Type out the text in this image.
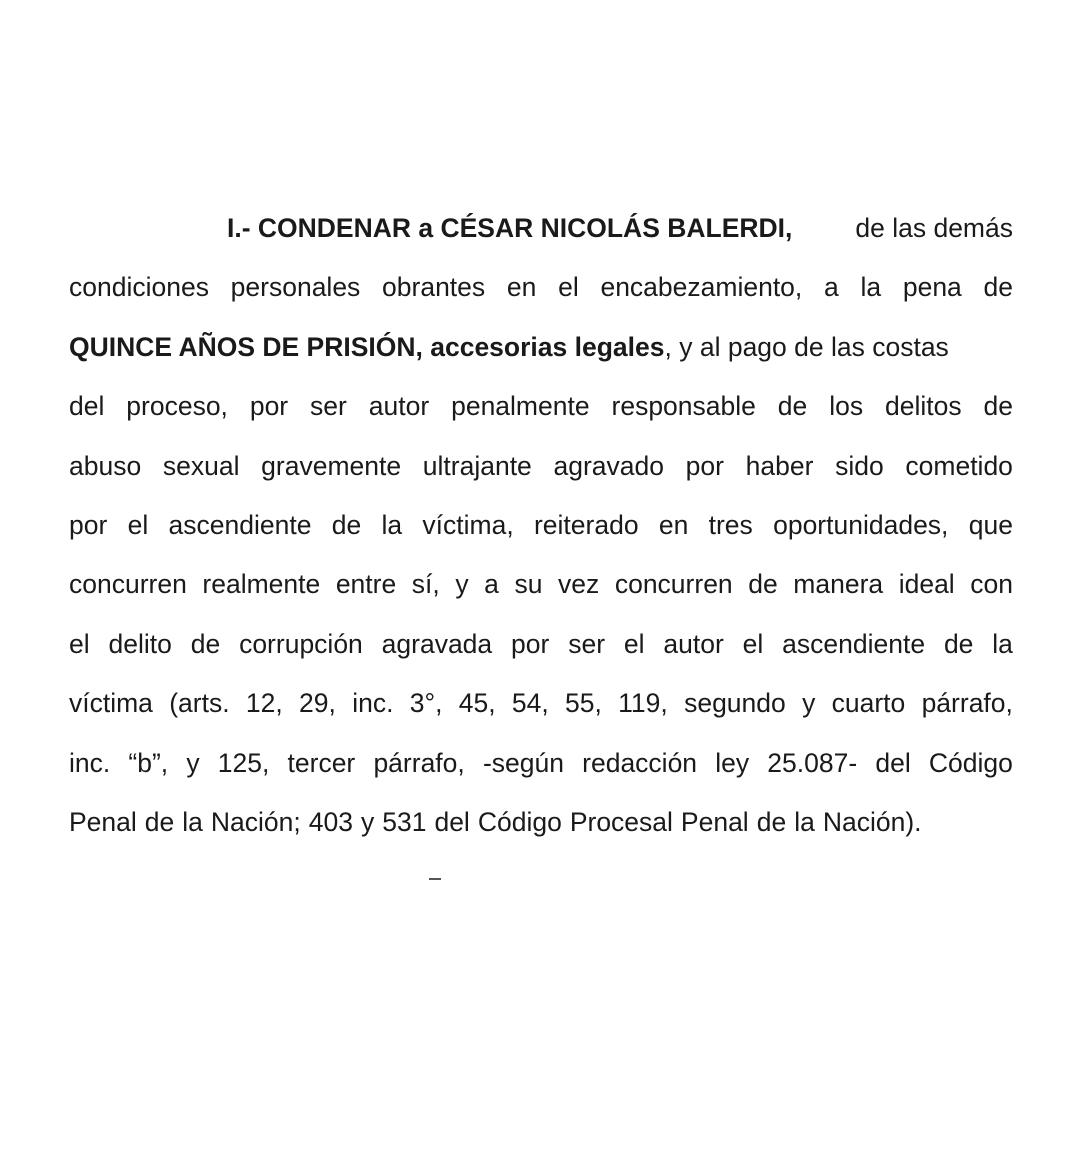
I.- CONDENAR a CÉSAR NICOLÁS BALERDI, de las demás
condiciones personales obrantes en el encabezamiento, a la pena de
QUINCE AÑOS DE PRISIÓN, accesorias legales, y al pago de las costas
del proceso, por ser autor penalmente responsable de los delitos de
abuso sexual gravemente ultrajante agravado por haber sido cometido
por el ascendiente de la víctima, reiterado en tres oportunidades, que
concurren realmente entre sí, y a su vez concurren de manera ideal con
el delito de corrupción agravada por ser el autor el ascendiente de la
víctima (arts. 12, 29, inc. 3°, 45, 54, 55, 119, segundo y cuarto párrafo,
inc. “b”, y 125, tercer párrafo, -según redacción ley 25.087- del Código
Penal de la Nación; 403 y 531 del Código Procesal Penal de la Nación).
